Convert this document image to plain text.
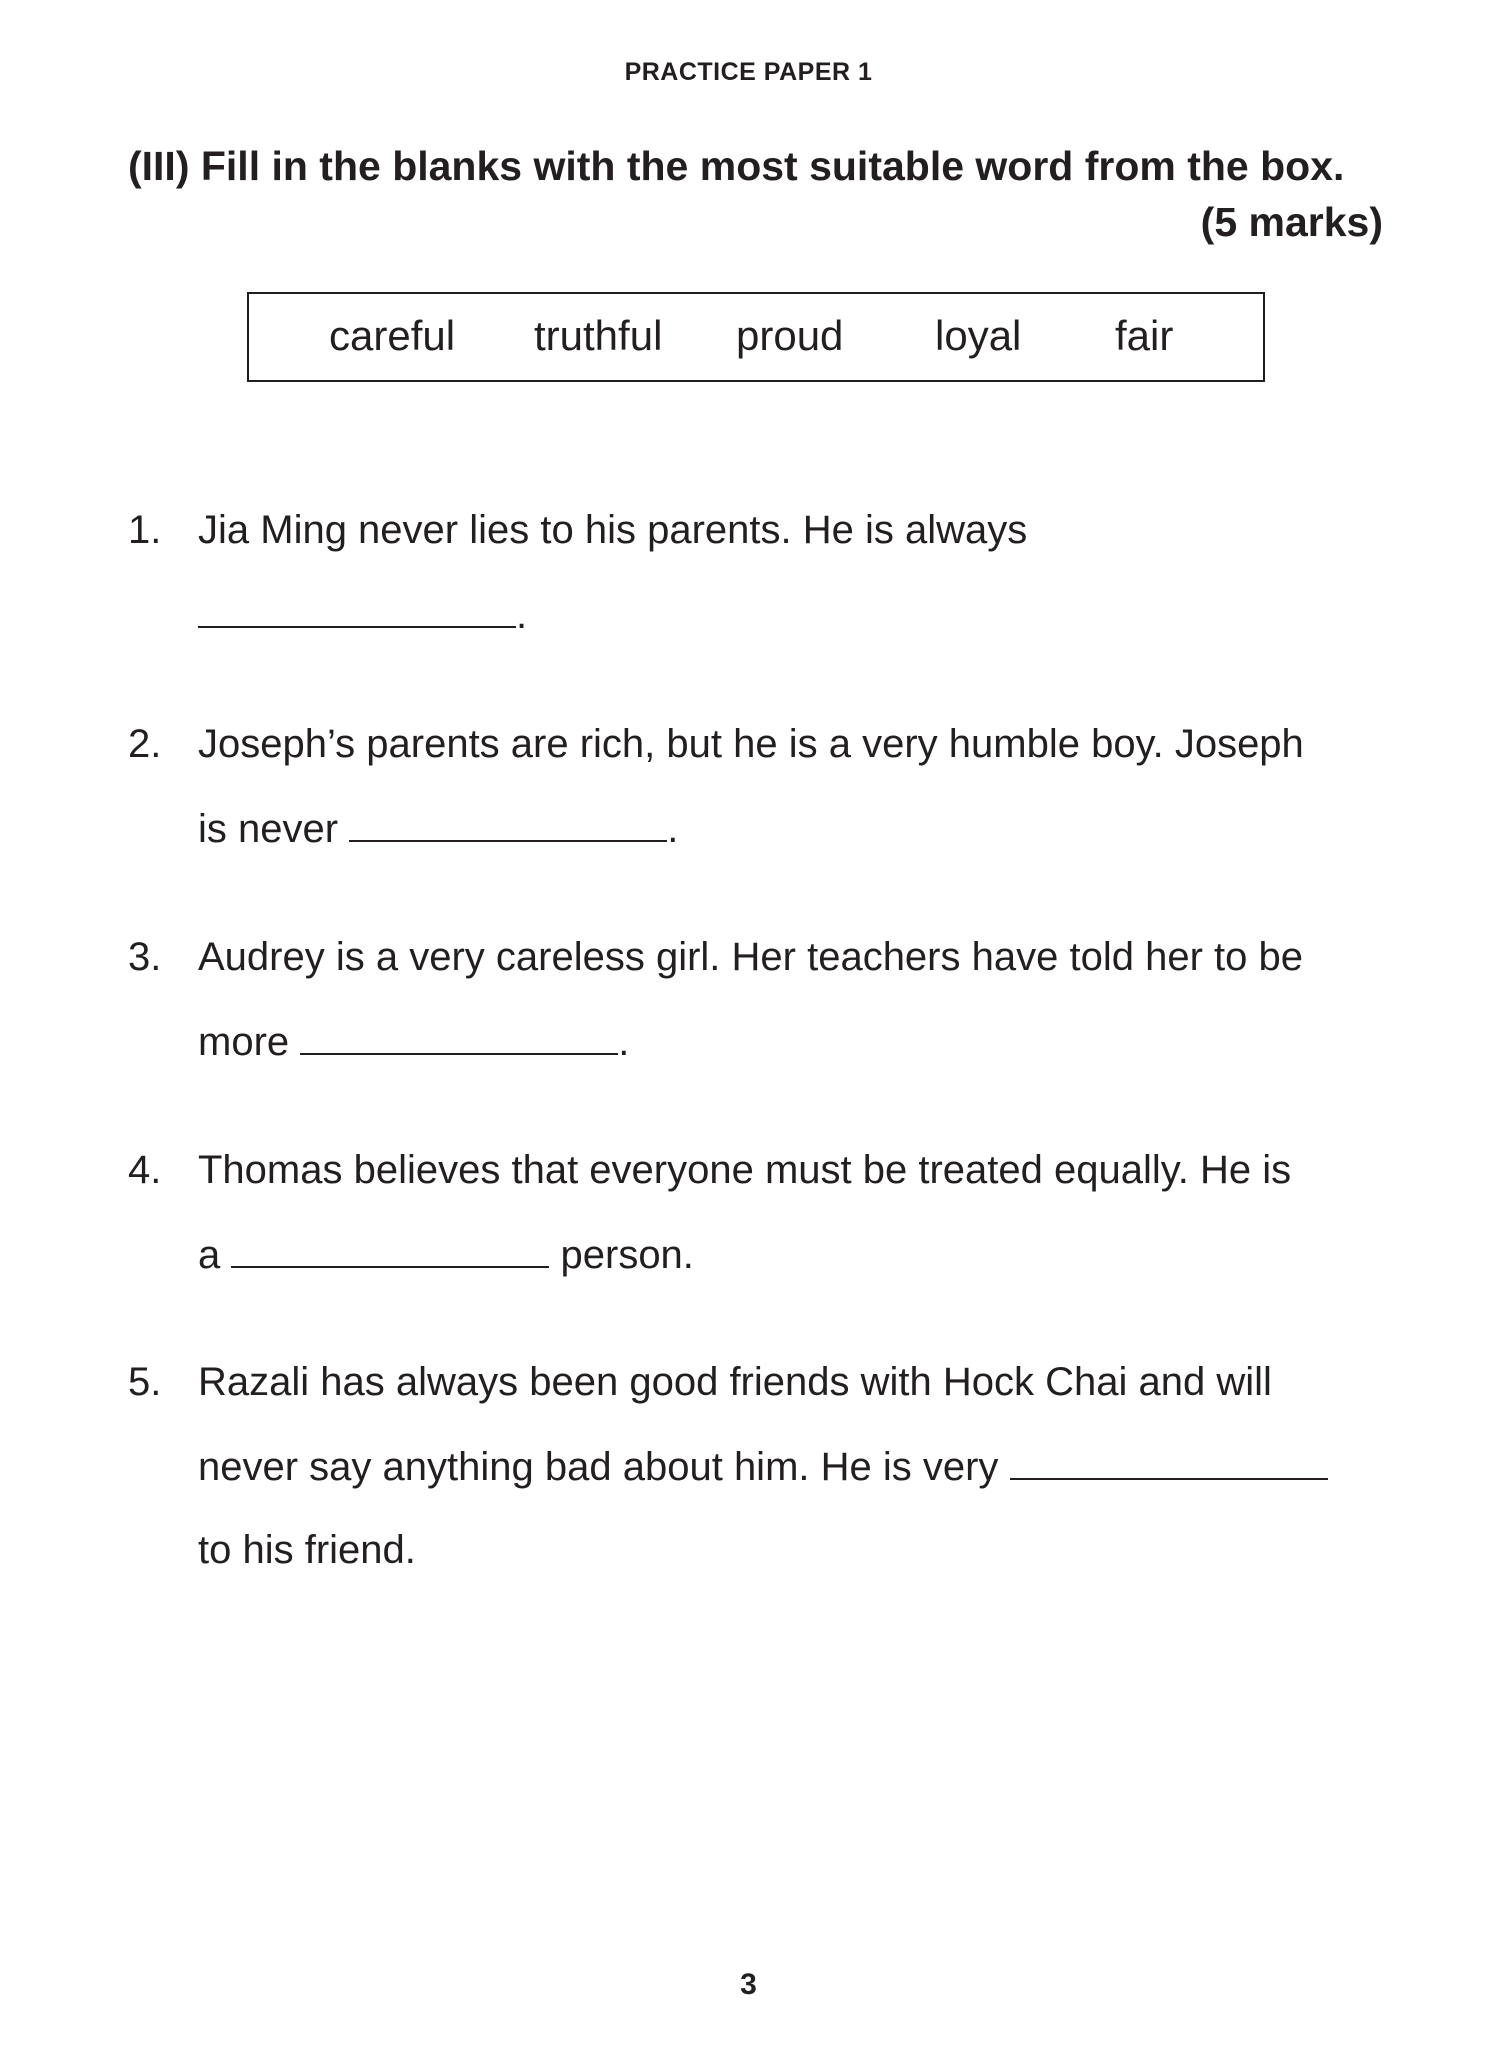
PRACTICE PAPER 1
(III) Fill in the blanks with the most suitable word from the box.
(5 marks)
careful truthful proud loyal fair
1. Jia Ming never lies to his parents. He is always
.
2. Joseph’s parents are rich, but he is a very humble boy. Joseph
is never	.
3. Audrey is a very careless girl. Her teachers have told her to be
more	.
4. Thomas believes that everyone must be treated equally. He is
a	person.
5. Razali has always been good friends with Hock Chai and will
never say anything bad about him. He is very
to his friend.
3
